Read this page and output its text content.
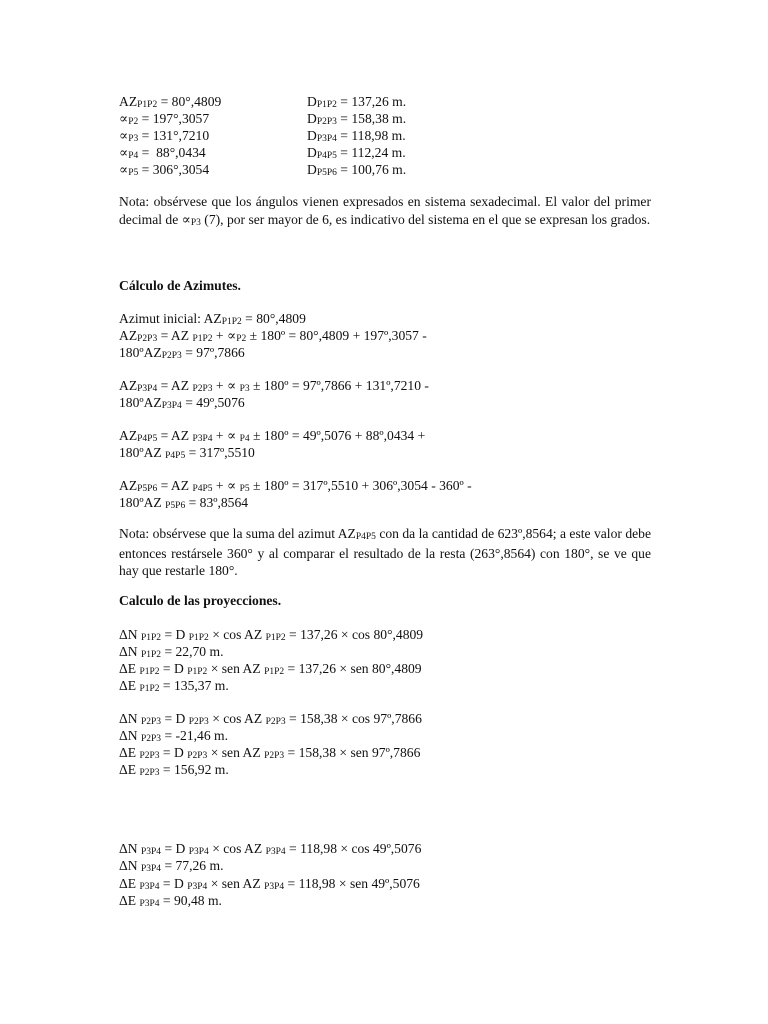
$AZ_{P1P2} = 80^\circ,4809$

$\propto_{P2} = 197^\circ,3057$

$\propto_{P3} = 131^\circ,7210$

$\propto_{P4} = 88^\circ,0434$

$\propto_{P5} = 306^\circ,3054$

$D_{P1P2} = 137,26$ m.

$D_{P2P3} = 158,38$ m.

$D_{P3P4} = 118,98$ m.

$D_{P4P5} = 112,24$ m.

$D_{P5P6} = 100,76$ m.

Nota: obsérvese que los ángulos vienen expresados en sistema sexadecimal. El valor del primer decimal de $\propto_{P3}$ (7), por ser mayor de 6, es indicativo del sistema en el que se expresan los grados.

Cálculo de Azimutes.

Azimut inicial: $AZ_{P1P2} = 80^\circ,4809$

$AZ_{P2P3}$ = AZ $_{P1P2} + \propto_{P2}$ ± 180º = 80°,4809 + 197º,3057 -

180ºAZ$_{P2P3}$ = 97º,7866

$AZ_{P3P4}$ = AZ $_{P2P3}$ + ∝ $_{P3}$ ± 180º = 97º,7866 + 131º,7210 -

180ºAZ$_{P3P4}$ = 49º,5076

$AZ_{P4P5}$ = AZ $_{P3P4}$ + ∝ $_{P4}$ ± 180º = 49º,5076 + 88º,0434 +

180ºAZ $_{P4P5}$ = 317º,5510

$AZ_{P5P6}$ = AZ $_{P4P5}$ + ∝ $_{P5}$ ± 180º = 317º,5510 + 306º,3054 - 360º -

180ºAZ $_{P5P6}$ = 83º,8564

Nota: obsérvese que la suma del azimut $AZ_{P4P5}$ con da la cantidad de 623º,8564; a este valor debe entonces restársele 360° y al comparar el resultado de la resta (263°,8564) con 180°, se ve que hay que restarle 180°.

Calculo de las proyecciones.

ΔN $_{P1P2}$ = D $_{P1P2}$ × cos AZ $_{P1P2}$ = 137,26 × cos 80°,4809

ΔN $_{P1P2}$ = 22,70 m.

ΔE $_{P1P2}$ = D $_{P1P2}$ × sen AZ $_{P1P2}$ = 137,26 × sen 80°,4809

ΔE $_{P1P2}$ = 135,37 m.

ΔN $_{P2P3}$ = D $_{P2P3}$ × cos AZ $_{P2P3}$ = 158,38 × cos 97º,7866

ΔN $_{P2P3}$ = -21,46 m.

ΔE $_{P2P3}$ = D $_{P2P3}$ × sen AZ $_{P2P3}$ = 158,38 × sen 97º,7866

ΔE $_{P2P3}$ = 156,92 m.

ΔN $_{P3P4}$ = D $_{P3P4}$ × cos AZ $_{P3P4}$ = 118,98 × cos 49º,5076

ΔN $_{P3P4}$ = 77,26 m.

ΔE $_{P3P4}$ = D $_{P3P4}$ × sen AZ $_{P3P4}$ = 118,98 × sen 49º,5076

ΔE $_{P3P4}$ = 90,48 m.
